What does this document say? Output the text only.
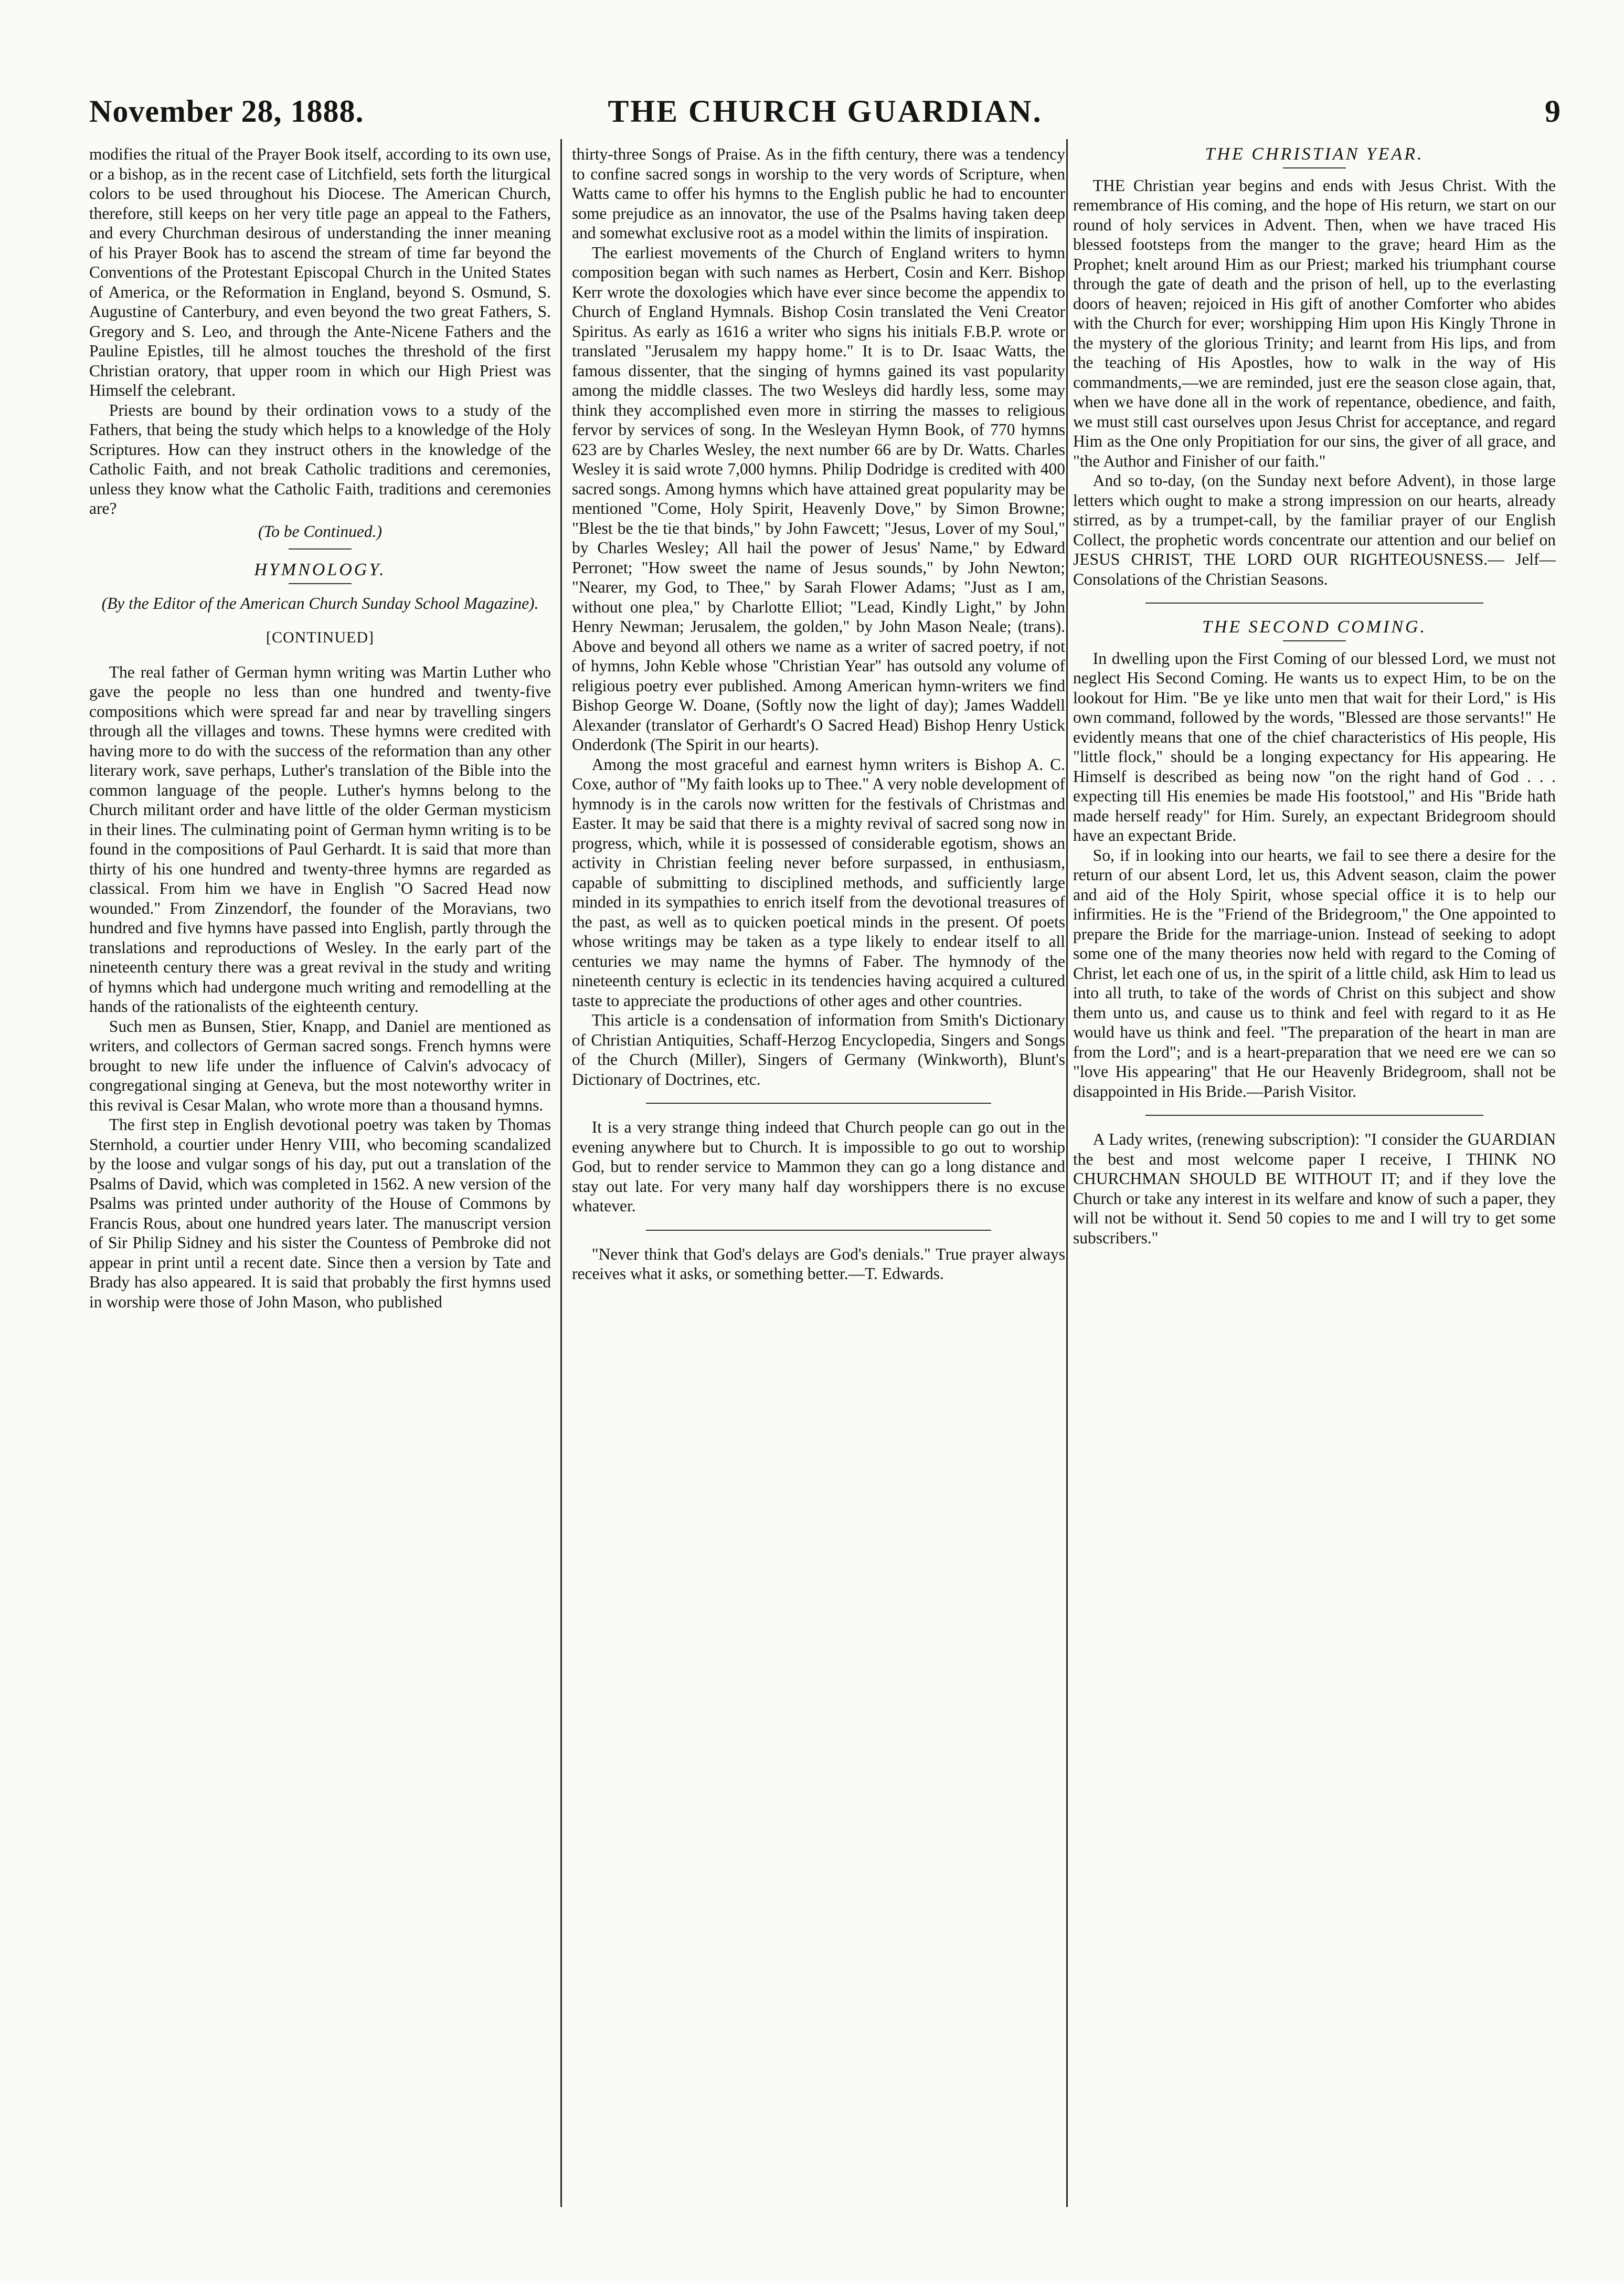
November 28, 1888.	THE CHURCH GUARDIAN.	9

modifies the ritual of the Prayer Book itself, according to its own use, or a bishop, as in the recent case of Litchfield, sets forth the liturgical colors to be used throughout his Diocese. The American Church, therefore, still keeps on her very title page an appeal to the Fathers, and every Churchman desirous of understanding the inner meaning of his Prayer Book has to ascend the stream of time far beyond the Conventions of the Protestant Episcopal Church in the United States of America, or the Reformation in England, beyond S. Osmund, S. Augustine of Canterbury, and even beyond the two great Fathers, S. Gregory and S. Leo, and through the Ante-Nicene Fathers and the Pauline Epistles, till he almost touches the threshold of the first Christian oratory, that upper room in which our High Priest was Himself the celebrant.

Priests are bound by their ordination vows to a study of the Fathers, that being the study which helps to a knowledge of the Holy Scriptures. How can they instruct others in the knowledge of the Catholic Faith, and not break Catholic traditions and ceremonies, unless they know what the Catholic Faith, traditions and ceremonies are?

(To be Continued.)

HYMNOLOGY.

(By the Editor of the American Church Sunday School Magazine).

[CONTINUED]

The real father of German hymn writing was Martin Luther who gave the people no less than one hundred and twenty-five compositions which were spread far and near by travelling singers through all the villages and towns. These hymns were credited with having more to do with the success of the reformation than any other literary work, save perhaps, Luther's translation of the Bible into the common language of the people. Luther's hymns belong to the Church militant order and have little of the older German mysticism in their lines. The culminating point of German hymn writing is to be found in the compositions of Paul Gerhardt. It is said that more than thirty of his one hundred and twenty-three hymns are regarded as classical. From him we have in English "O Sacred Head now wounded." From Zinzendorf, the founder of the Moravians, two hundred and five hymns have passed into English, partly through the translations and reproductions of Wesley. In the early part of the nineteenth century there was a great revival in the study and writing of hymns which had undergone much writing and remodelling at the hands of the rationalists of the eighteenth century.

Such men as Bunsen, Stier, Knapp, and Daniel are mentioned as writers, and collectors of German sacred songs. French hymns were brought to new life under the influence of Calvin's advocacy of congregational singing at Geneva, but the most noteworthy writer in this revival is Cesar Malan, who wrote more than a thousand hymns.

The first step in English devotional poetry was taken by Thomas Sternhold, a courtier under Henry VIII, who becoming scandalized by the loose and vulgar songs of his day, put out a translation of the Psalms of David, which was completed in 1562. A new version of the Psalms was printed under authority of the House of Commons by Francis Rous, about one hundred years later. The manuscript version of Sir Philip Sidney and his sister the Countess of Pembroke did not appear in print until a recent date. Since then a version by Tate and Brady has also appeared. It is said that probably the first hymns used in worship were those of John Mason, who published

thirty-three Songs of Praise. As in the fifth century, there was a tendency to confine sacred songs in worship to the very words of Scripture, when Watts came to offer his hymns to the English public he had to encounter some prejudice as an innovator, the use of the Psalms having taken deep and somewhat exclusive root as a model within the limits of inspiration.

The earliest movements of the Church of England writers to hymn composition began with such names as Herbert, Cosin and Kerr. Bishop Kerr wrote the doxologies which have ever since become the appendix to Church of England Hymnals. Bishop Cosin translated the Veni Creator Spiritus. As early as 1616 a writer who signs his initials F.B.P. wrote or translated "Jerusalem my happy home." It is to Dr. Isaac Watts, the famous dissenter, that the singing of hymns gained its vast popularity among the middle classes. The two Wesleys did hardly less, some may think they accomplished even more in stirring the masses to religious fervor by services of song. In the Wesleyan Hymn Book, of 770 hymns 623 are by Charles Wesley, the next number 66 are by Dr. Watts. Charles Wesley it is said wrote 7,000 hymns. Philip Dodridge is credited with 400 sacred songs. Among hymns which have attained great popularity may be mentioned "Come, Holy Spirit, Heavenly Dove," by Simon Browne; "Blest be the tie that binds," by John Fawcett; "Jesus, Lover of my Soul," by Charles Wesley; All hail the power of Jesus' Name," by Edward Perronet; "How sweet the name of Jesus sounds," by John Newton; "Nearer, my God, to Thee," by Sarah Flower Adams; "Just as I am, without one plea," by Charlotte Elliot; "Lead, Kindly Light," by John Henry Newman; Jerusalem, the golden," by John Mason Neale; (trans). Above and beyond all others we name as a writer of sacred poetry, if not of hymns, John Keble whose "Christian Year" has outsold any volume of religious poetry ever published. Among American hymn-writers we find Bishop George W. Doane, (Softly now the light of day); James Waddell Alexander (translator of Gerhardt's O Sacred Head) Bishop Henry Ustick Onderdonk (The Spirit in our hearts).

Among the most graceful and earnest hymn writers is Bishop A. C. Coxe, author of "My faith looks up to Thee." A very noble development of hymnody is in the carols now written for the festivals of Christmas and Easter. It may be said that there is a mighty revival of sacred song now in progress, which, while it is possessed of considerable egotism, shows an activity in Christian feeling never before surpassed, in enthusiasm, capable of submitting to disciplined methods, and sufficiently large minded in its sympathies to enrich itself from the devotional treasures of the past, as well as to quicken poetical minds in the present. Of poets whose writings may be taken as a type likely to endear itself to all centuries we may name the hymns of Faber. The hymnody of the nineteenth century is eclectic in its tendencies having acquired a cultured taste to appreciate the productions of other ages and other countries.

This article is a condensation of information from Smith's Dictionary of Christian Antiquities, Schaff-Herzog Encyclopedia, Singers and Songs of the Church (Miller), Singers of Germany (Winkworth), Blunt's Dictionary of Doctrines, etc.

It is a very strange thing indeed that Church people can go out in the evening anywhere but to Church. It is impossible to go out to worship God, but to render service to Mammon they can go a long distance and stay out late. For very many half day worshippers there is no excuse whatever.

"Never think that God's delays are God's denials." True prayer always receives what it asks, or something better.—T. Edwards.

THE CHRISTIAN YEAR.

THE Christian year begins and ends with Jesus Christ. With the remembrance of His coming, and the hope of His return, we start on our round of holy services in Advent. Then, when we have traced His blessed footsteps from the manger to the grave; heard Him as the Prophet; knelt around Him as our Priest; marked his triumphant course through the gate of death and the prison of hell, up to the everlasting doors of heaven; rejoiced in His gift of another Comforter who abides with the Church for ever; worshipping Him upon His Kingly Throne in the mystery of the glorious Trinity; and learnt from His lips, and from the teaching of His Apostles, how to walk in the way of His commandments,—we are reminded, just ere the season close again, that, when we have done all in the work of repentance, obedience, and faith, we must still cast ourselves upon Jesus Christ for acceptance, and regard Him as the One only Propitiation for our sins, the giver of all grace, and "the Author and Finisher of our faith."

And so to-day, (on the Sunday next before Advent), in those large letters which ought to make a strong impression on our hearts, already stirred, as by a trumpet-call, by the familiar prayer of our English Collect, the prophetic words concentrate our attention and our belief on JESUS CHRIST, THE LORD OUR RIGHTEOUSNESS.— Jelf— Consolations of the Christian Seasons.

THE SECOND COMING.

In dwelling upon the First Coming of our blessed Lord, we must not neglect His Second Coming. He wants us to expect Him, to be on the lookout for Him. "Be ye like unto men that wait for their Lord," is His own command, followed by the words, "Blessed are those servants!" He evidently means that one of the chief characteristics of His people, His "little flock," should be a longing expectancy for His appearing. He Himself is described as being now "on the right hand of God . . . expecting till His enemies be made His footstool," and His "Bride hath made herself ready" for Him. Surely, an expectant Bridegroom should have an expectant Bride.

So, if in looking into our hearts, we fail to see there a desire for the return of our absent Lord, let us, this Advent season, claim the power and aid of the Holy Spirit, whose special office it is to help our infirmities. He is the "Friend of the Bridegroom," the One appointed to prepare the Bride for the marriage-union. Instead of seeking to adopt some one of the many theories now held with regard to the Coming of Christ, let each one of us, in the spirit of a little child, ask Him to lead us into all truth, to take of the words of Christ on this subject and show them unto us, and cause us to think and feel with regard to it as He would have us think and feel. "The preparation of the heart in man are from the Lord"; and is a heart-preparation that we need ere we can so "love His appearing" that He our Heavenly Bridegroom, shall not be disappointed in His Bride.—Parish Visitor.

A Lady writes, (renewing subscription): "I consider the GUARDIAN the best and most welcome paper I receive, I THINK NO CHURCHMAN SHOULD BE WITHOUT IT; and if they love the Church or take any interest in its welfare and know of such a paper, they will not be without it. Send 50 copies to me and I will try to get some subscribers."
